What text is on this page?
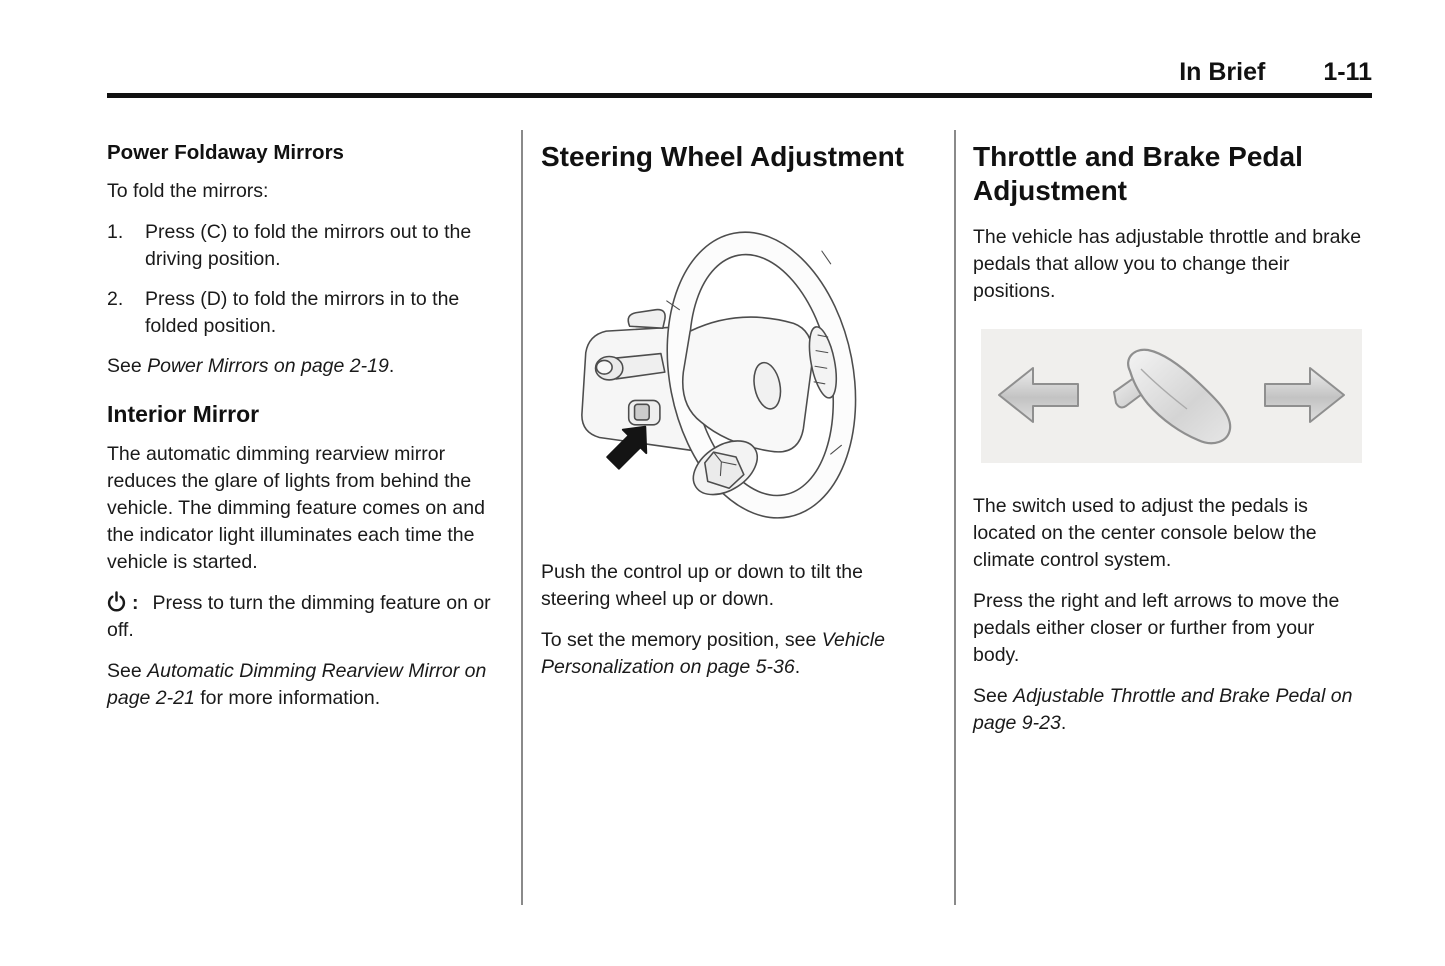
In Brief 1-11
Power Foldaway Mirrors

To fold the mirrors:

1.	Press (C) to fold the mirrors out to the driving position.
2.	Press (D) to fold the mirrors in to the folded position.

See Power Mirrors on page 2-19.

Interior Mirror

The automatic dimming rearview mirror reduces the glare of lights from behind the vehicle. The dimming feature comes on and the indicator light illuminates each time the vehicle is started.

: Press to turn the dimming feature on or off.

See Automatic Dimming Rearview Mirror on page 2-21 for more information.

Steering Wheel Adjustment

Push the control up or down to tilt the steering wheel up or down.

To set the memory position, see Vehicle Personalization on page 5-36.

Throttle and Brake Pedal Adjustment

The vehicle has adjustable throttle and brake pedals that allow you to change their positions.

The switch used to adjust the pedals is located on the center console below the climate control system.

Press the right and left arrows to move the pedals either closer or further from your body.

See Adjustable Throttle and Brake Pedal on page 9-23.
